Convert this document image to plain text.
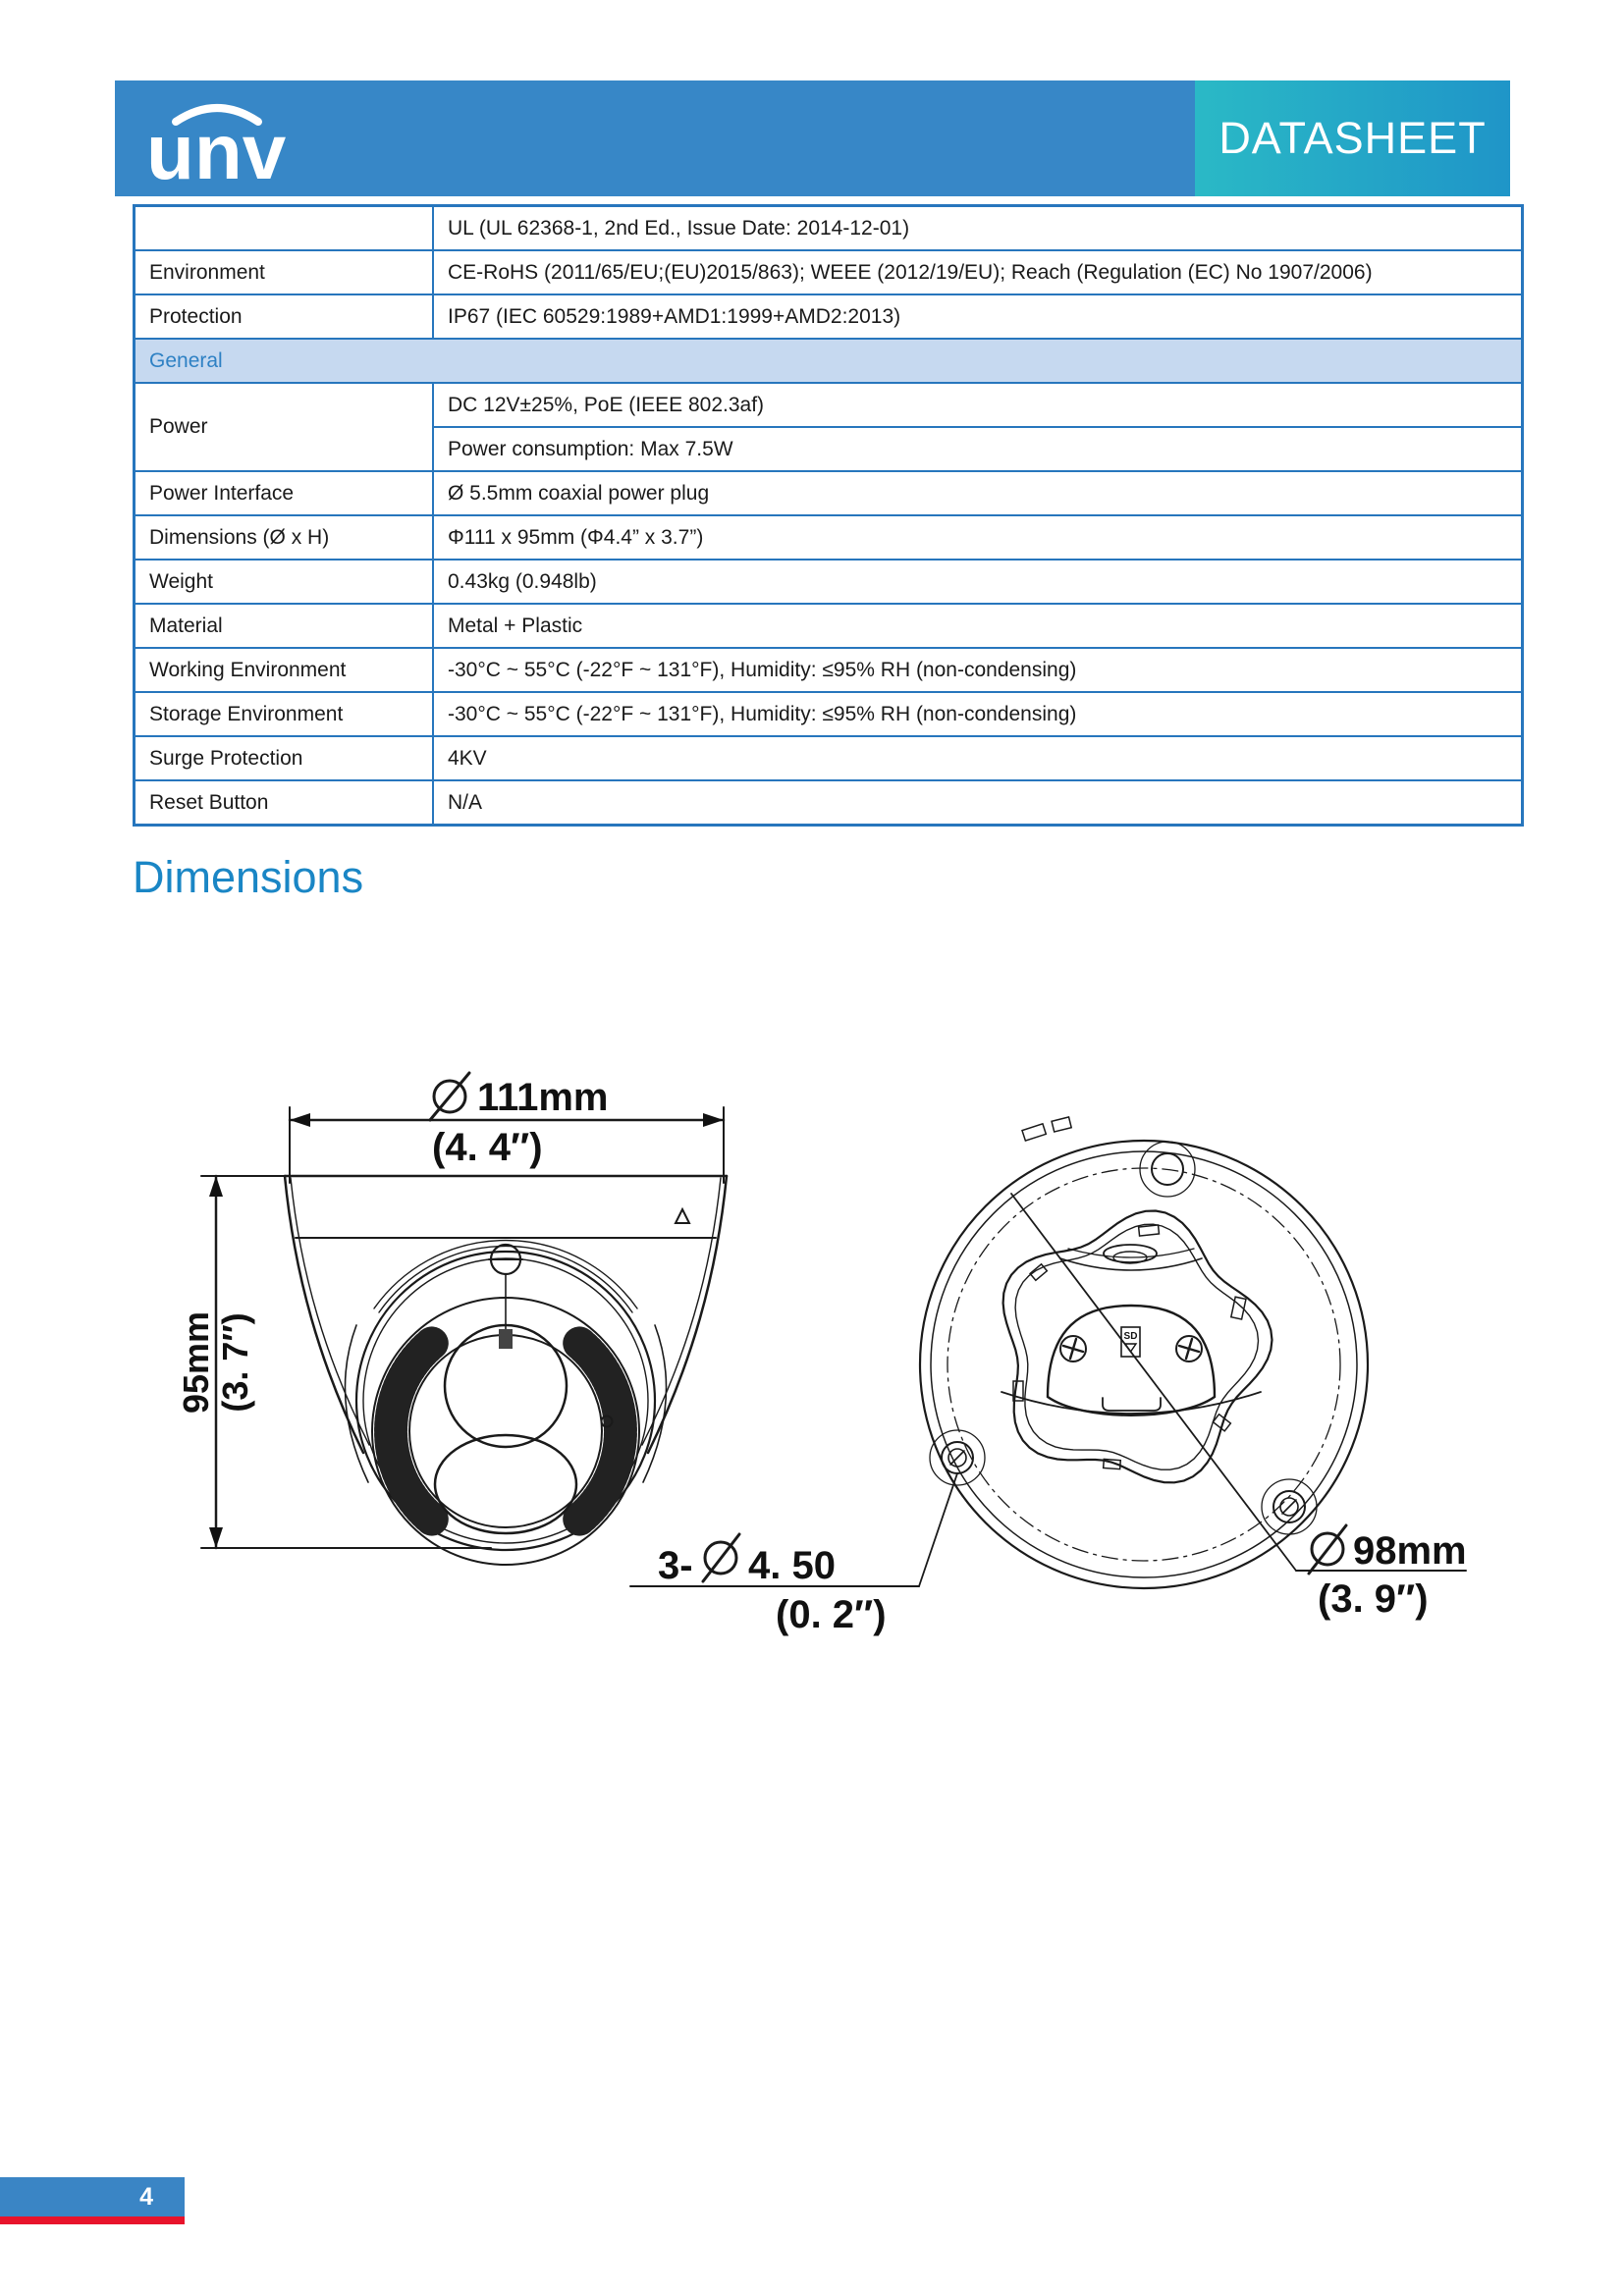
unv	DATASHEET
	UL (UL 62368-1, 2nd Ed., Issue Date: 2014-12-01)
Environment	CE-RoHS (2011/65/EU;(EU)2015/863); WEEE (2012/19/EU); Reach (Regulation (EC) No 1907/2006)
Protection	IP67 (IEC 60529:1989+AMD1:1999+AMD2:2013)
General	
Power	DC 12V±25%, PoE (IEEE 802.3af)
	Power consumption: Max 7.5W
Power Interface	Ø 5.5mm coaxial power plug
Dimensions (Ø x H)	Φ111 x 95mm (Φ4.4” x 3.7”)
Weight	0.43kg (0.948lb)
Material	Metal + Plastic
Working Environment	-30°C ~ 55°C (-22°F ~ 131°F), Humidity: ≤95% RH (non-condensing)
Storage Environment	-30°C ~ 55°C (-22°F ~ 131°F), Humidity: ≤95% RH (non-condensing)
Surge Protection	4KV
Reset Button	N/A
Dimensions
111mm
(4. 4″)
95mm (3. 7″)	SD
98mm
(3. 9″)
3- 4. 50
(0. 2″)
4
